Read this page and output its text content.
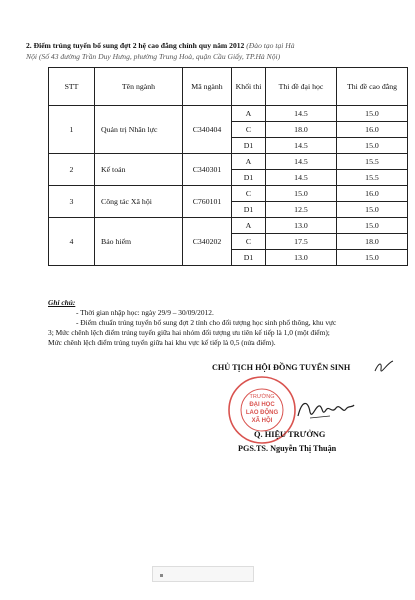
2. Điểm trúng tuyển bổ sung đợt 2 hệ cao đẳng chính quy năm 2012 (Đào tạo tại Hà
Nội (Số 43 đường Trần Duy Hưng, phường Trung Hoà, quận Cầu Giấy, TP.Hà Nội)
STT	Tên ngành	Mã ngành	Khối thi	Thi đề đại học	Thi đề cao đẳng
1	Quản trị Nhân lực	C340404	A	14.5	15.0
			C	18.0	16.0
			D1	14.5	15.0
2	Kế toán	C340301	A	14.5	15.5
			D1	14.5	15.5
3	Công tác Xã hội	C760101	C	15.0	16.0
			D1	12.5	15.0
4	Bảo hiểm	C340202	A	13.0	15.0
			C	17.5	18.0
			D1	13.0	15.0
Ghi chú:
- Thời gian nhập học: ngày 29/9 – 30/09/2012.
- Điểm chuẩn trúng tuyển bổ sung đợt 2 tính cho đối tượng học sinh phổ thông, khu vực
3; Mức chênh lệch điểm trúng tuyển giữa hai nhóm đối tượng ưu tiên kế tiếp là 1,0 (một điểm);
Mức chênh lệch điểm trúng tuyển giữa hai khu vực kế tiếp là 0,5 (nửa điểm).
CHỦ TỊCH HỘI ĐỒNG TUYỂN SINH
TRƯỜNG
ĐẠI HỌC
LAO ĐỘNG
XÃ HỘI
Q. HIỆU TRƯỞNG
PGS.TS. Nguyễn Thị Thuận
